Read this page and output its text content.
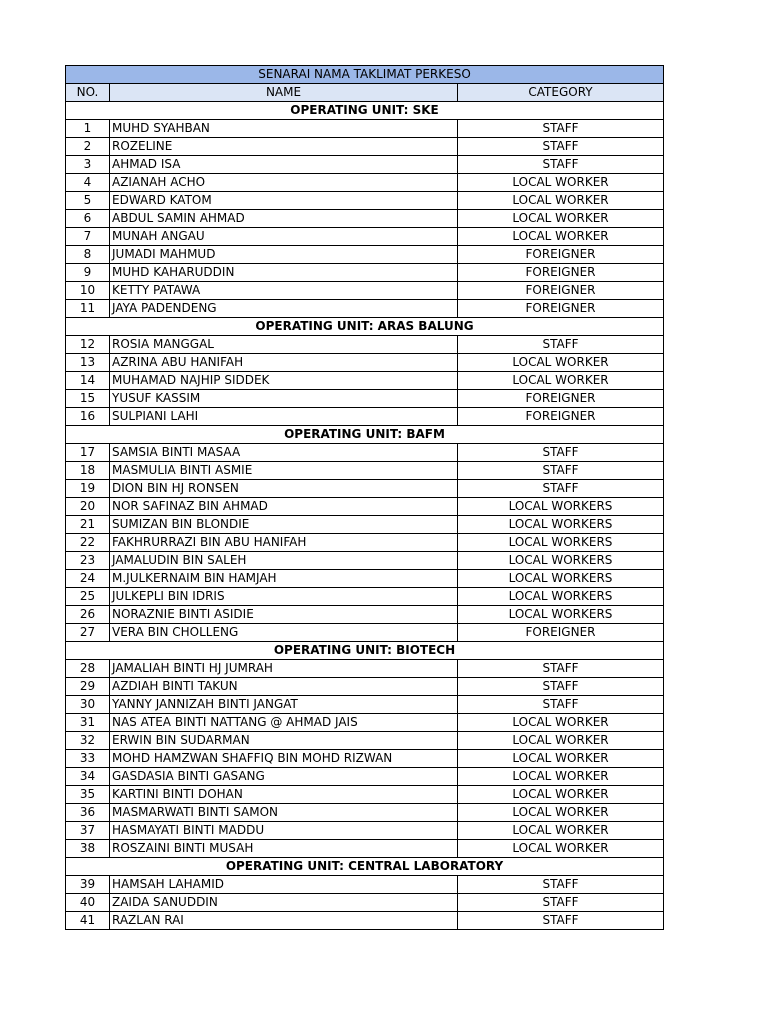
SENARAI NAMA TAKLIMAT PERKESO		
NO.	NAME	CATEGORY
OPERATING UNIT: SKE		
1	MUHD SYAHBAN	STAFF
2	ROZELINE	STAFF
3	AHMAD ISA	STAFF
4	AZIANAH ACHO	LOCAL WORKER
5	EDWARD KATOM	LOCAL WORKER
6	ABDUL SAMIN AHMAD	LOCAL WORKER
7	MUNAH ANGAU	LOCAL WORKER
8	JUMADI MAHMUD	FOREIGNER
9	MUHD KAHARUDDIN	FOREIGNER
10	KETTY PATAWA	FOREIGNER
11	JAYA PADENDENG	FOREIGNER
OPERATING UNIT: ARAS BALUNG		
12	ROSIA MANGGAL	STAFF
13	AZRINA ABU HANIFAH	LOCAL WORKER
14	MUHAMAD NAJHIP SIDDEK	LOCAL WORKER
15	YUSUF KASSIM	FOREIGNER
16	SULPIANI LAHI	FOREIGNER
OPERATING UNIT: BAFM		
17	SAMSIA BINTI MASAA	STAFF
18	MASMULIA BINTI ASMIE	STAFF
19	DION BIN HJ RONSEN	STAFF
20	NOR SAFINAZ BIN AHMAD	LOCAL WORKERS
21	SUMIZAN BIN BLONDIE	LOCAL WORKERS
22	FAKHRURRAZI BIN ABU HANIFAH	LOCAL WORKERS
23	JAMALUDIN BIN SALEH	LOCAL WORKERS
24	M.JULKERNAIM BIN HAMJAH	LOCAL WORKERS
25	JULKEPLI BIN IDRIS	LOCAL WORKERS
26	NORAZNIE BINTI ASIDIE	LOCAL WORKERS
27	VERA BIN CHOLLENG	FOREIGNER
OPERATING UNIT: BIOTECH		
28	JAMALIAH BINTI HJ JUMRAH	STAFF
29	AZDIAH BINTI TAKUN	STAFF
30	YANNY JANNIZAH BINTI JANGAT	STAFF
31	NAS ATEA BINTI NATTANG @ AHMAD JAIS	LOCAL WORKER
32	ERWIN BIN SUDARMAN	LOCAL WORKER
33	MOHD HAMZWAN SHAFFIQ BIN MOHD RIZWAN	LOCAL WORKER
34	GASDASIA BINTI GASANG	LOCAL WORKER
35	KARTINI BINTI DOHAN	LOCAL WORKER
36	MASMARWATI BINTI SAMON	LOCAL WORKER
37	HASMAYATI BINTI MADDU	LOCAL WORKER
38	ROSZAINI BINTI MUSAH	LOCAL WORKER
OPERATING UNIT: CENTRAL LABORATORY		
39	HAMSAH LAHAMID	STAFF
40	ZAIDA SANUDDIN	STAFF
41	RAZLAN RAI	STAFF
